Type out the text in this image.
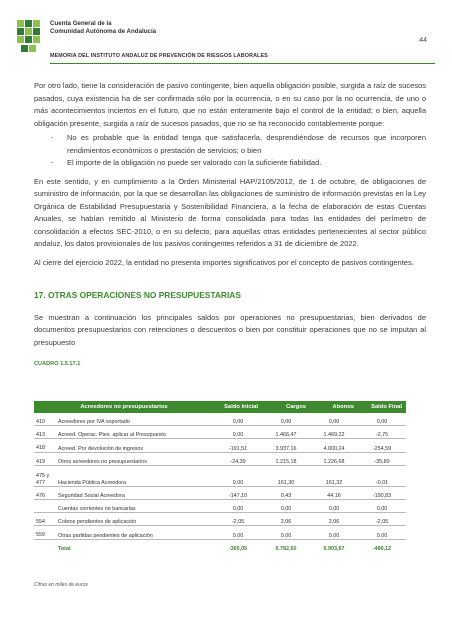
Cuenta General de la
Comunidad Autónoma de Andalucía
44
MEMORIA DEL INSTITUTO ANDALUZ DE PREVENCIÓN DE RIESGOS LABORALES

Por otro lado, tiene la consideración de pasivo contingente, bien aquella obligación posible, surgida a raíz de sucesos pasados, cuya existencia ha de ser confirmada sólo por la ocurrencia, o en su caso por la no ocurrencia, de uno o más acontecimientos inciertos en el futuro, que no están enteramente bajo el control de la entidad; o bien, aquella obligación presente, surgida a raíz de sucesos pasados, que no se ha reconocido contablemente porque:

- No es probable que la entidad tenga que satisfacerla, desprendiéndose de recursos que incorporen rendimientos económicos o prestación de servicios; o bien
- El importe de la obligación no puede ser valorado con la suficiente fiabilidad.

En este sentido, y en cumplimiento a la Orden Ministerial HAP/2105/2012, de 1 de octubre, de obligaciones de suministro de información, por la que se desarrollan las obligaciones de suministro de información previstas en la Ley Orgánica de Estabilidad Presupuestaria y Sostenibilidad Financiera, a la fecha de elaboración de estas Cuentas Anuales, se habían remitido al Ministerio de forma consolidada para todas las entidades del perímetro de consolidación a efectos SEC-2010, o en su defecto, para aquellas otras entidades pertenecientes al sector público andaluz, los datos provisionales de los pasivos contingentes referidos a 31 de diciembre de 2022.

Al cierre del ejercicio 2022, la entidad no presenta importes significativos por el concepto de pasivos contingentes.

17. OTRAS OPERACIONES NO PRESUPUESTARIAS

Se muestran a continuación los principales saldos por operaciones no presupuestarias, bien derivados de documentos presupuestarios con retenciones o descuentos o bien por constituir operaciones que no se imputan al presupuesto

CUADRO 1.5.17.1

Acreedores no presupuestarios		Saldo Inicial	Cargos	Abonos	Saldo Final
410	Acreedores por IVA soportado	0,00	0,00	0,00	0,00
413	Acreed. Operac. Ptes. aplicar al Presupuesto	0,00	1.466,47	1.469,22	-2,75
418	Acreed. Por devolución de ingresos	-191,51	3.937,16	4.000,24	-254,59
419	Otros acreedores no presupuestarios	-24,39	1.215,18	1.226,68	-35,89
475 y 477	Hacienda Pública Acreedora	0,00	161,30	161,32	-0,01
476	Seguridad Social Acreedora	-147,10	0,43	44,16	-190,83
	Cuentas corrientes no bancarias	0,00	0,00	0,00	0,00
554	Cobros pendientes de aplicación	-2,05	2,06	2,06	-2,05
559	Otras partidas pendientes de aplicación	0,00	0,00	0,00	0,00
	Total	-365,05	6.782,60	6.903,67	-486,12
Cifras en miles de euros
